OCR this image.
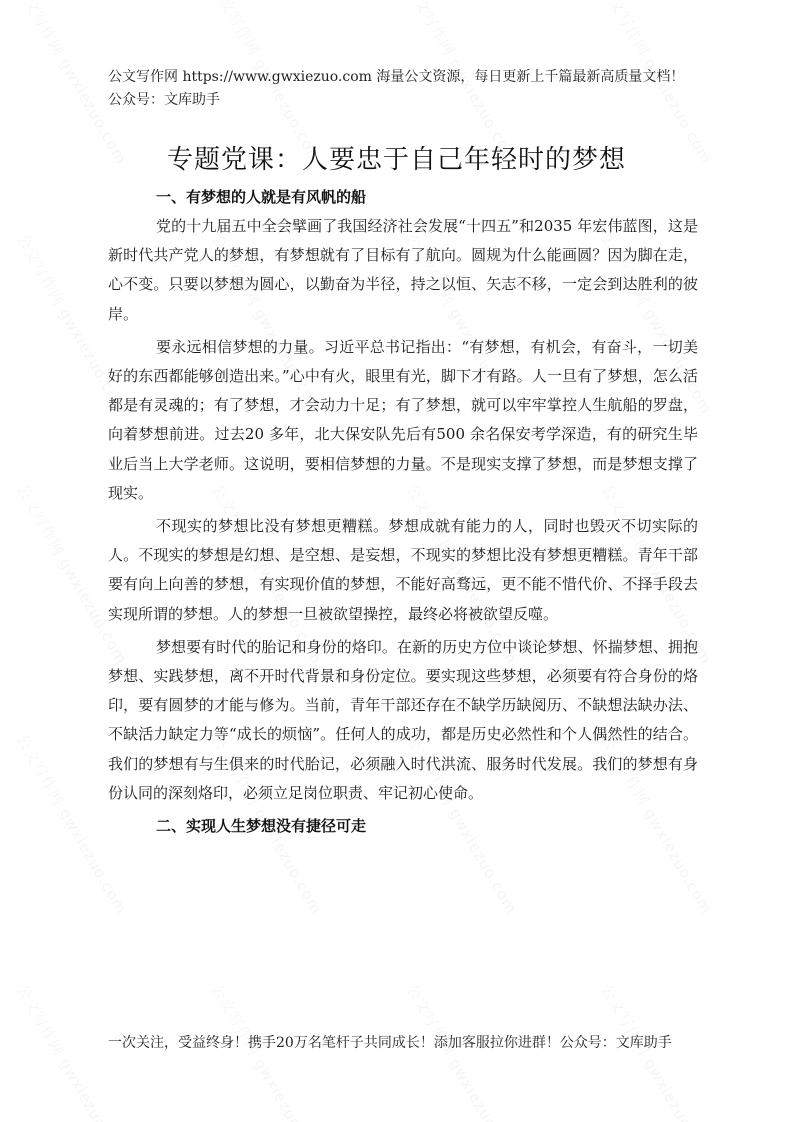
公文写作网 https://www.gwxiezuo.com 海量公文资源，每日更新上千篇最新高质量文档！ 公众号：文库助手
专题党课：人要忠于自己年轻时的梦想
一、有梦想的人就是有风帆的船

党的十九届五中全会擘画了我国经济社会发展“十四五”和2035 年宏伟蓝图，这是新时代共产党人的梦想，有梦想就有了目标有了航向。圆规为什么能画圆？因为脚在走，心不变。只要以梦想为圆心，以勤奋为半径，持之以恒、矢志不移，一定会到达胜利的彼岸。

要永远相信梦想的力量。习近平总书记指出：“有梦想，有机会，有奋斗，一切美好的东西都能够创造出来。”心中有火，眼里有光，脚下才有路。人一旦有了梦想，怎么活都是有灵魂的；有了梦想，才会动力十足；有了梦想，就可以牢牢掌控人生航船的罗盘，向着梦想前进。过去20 多年，北大保安队先后有500 余名保安考学深造，有的研究生毕业后当上大学老师。这说明，要相信梦想的力量。不是现实支撑了梦想，而是梦想支撑了现实。

不现实的梦想比没有梦想更糟糕。梦想成就有能力的人，同时也毁灭不切实际的人。不现实的梦想是幻想、是空想、是妄想，不现实的梦想比没有梦想更糟糕。青年干部要有向上向善的梦想，有实现价值的梦想，不能好高骛远，更不能不惜代价、不择手段去实现所谓的梦想。人的梦想一旦被欲望操控，最终必将被欲望反噬。

梦想要有时代的胎记和身份的烙印。在新的历史方位中谈论梦想、怀揣梦想、拥抱梦想、实践梦想，离不开时代背景和身份定位。要实现这些梦想，必须要有符合身份的烙印，要有圆梦的才能与修为。当前，青年干部还存在不缺学历缺阅历、不缺想法缺办法、不缺活力缺定力等“成长的烦恼”。任何人的成功，都是历史必然性和个人偶然性的结合。我们的梦想有与生俱来的时代胎记，必须融入时代洪流、服务时代发展。我们的梦想有身份认同的深刻烙印，必须立足岗位职责、牢记初心使命。

二、实现人生梦想没有捷径可走
一次关注，受益终身！携手20万名笔杆子共同成长！添加客服拉你进群！公众号：文库助手
